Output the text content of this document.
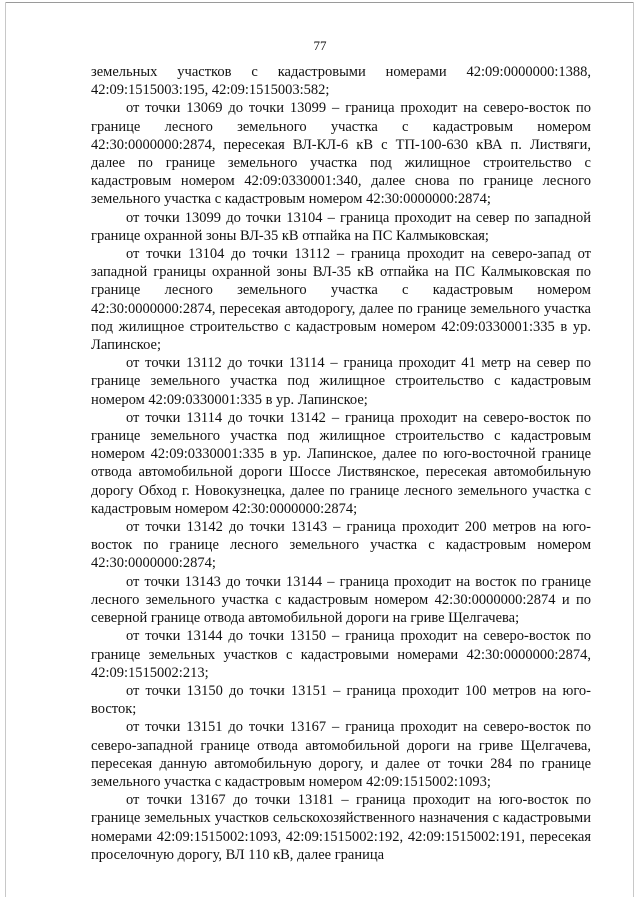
77

земельных участков с кадастровыми номерами 42:09:0000000:1388, 42:09:1515003:195, 42:09:1515003:582;

от точки 13069 до точки 13099 – граница проходит на северо-восток по границе лесного земельного участка с кадастровым номером 42:30:0000000:2874, пересекая ВЛ-КЛ-6 кВ с ТП-100-630 кВА п. Листвяги, далее по границе земельного участка под жилищное строительство с кадастровым номером 42:09:0330001:340, далее снова по границе лесного земельного участка с кадастровым номером 42:30:0000000:2874;

от точки 13099 до точки 13104 – граница проходит на север по западной границе охранной зоны ВЛ-35 кВ отпайка на ПС Калмыковская;

от точки 13104 до точки 13112 – граница проходит на северо-запад от западной границы охранной зоны ВЛ-35 кВ отпайка на ПС Калмыковская по границе лесного земельного участка с кадастровым номером 42:30:0000000:2874, пересекая автодорогу, далее по границе земельного участка под жилищное строительство с кадастровым номером 42:09:0330001:335 в ур. Лапинское;

от точки 13112 до точки 13114 – граница проходит 41 метр на север по границе земельного участка под жилищное строительство с кадастровым номером 42:09:0330001:335 в ур. Лапинское;

от точки 13114 до точки 13142 – граница проходит на северо-восток по границе земельного участка под жилищное строительство с кадастровым номером 42:09:0330001:335 в ур. Лапинское, далее по юго-восточной границе отвода автомобильной дороги Шоссе Листвянское, пересекая автомобильную дорогу Обход г. Новокузнецка, далее по границе лесного земельного участка с кадастровым номером 42:30:0000000:2874;

от точки 13142 до точки 13143 – граница проходит 200 метров на юго-восток по границе лесного земельного участка с кадастровым номером 42:30:0000000:2874;

от точки 13143 до точки 13144 – граница проходит на восток по границе лесного земельного участка с кадастровым номером 42:30:0000000:2874 и по северной границе отвода автомобильной дороги на гриве Щелгачева;

от точки 13144 до точки 13150 – граница проходит на северо-восток по границе земельных участков с кадастровыми номерами 42:30:0000000:2874, 42:09:1515002:213;

от точки 13150 до точки 13151 – граница проходит 100 метров на юго-восток;

от точки 13151 до точки 13167 – граница проходит на северо-восток по северо-западной границе отвода автомобильной дороги на гриве Щелгачева, пересекая данную автомобильную дорогу, и далее от точки 284 по границе земельного участка с кадастровым номером 42:09:1515002:1093;

от точки 13167 до точки 13181 – граница проходит на юго-восток по границе земельных участков сельскохозяйственного назначения с кадастровыми номерами 42:09:1515002:1093, 42:09:1515002:192, 42:09:1515002:191, пересекая проселочную дорогу, ВЛ 110 кВ, далее граница
